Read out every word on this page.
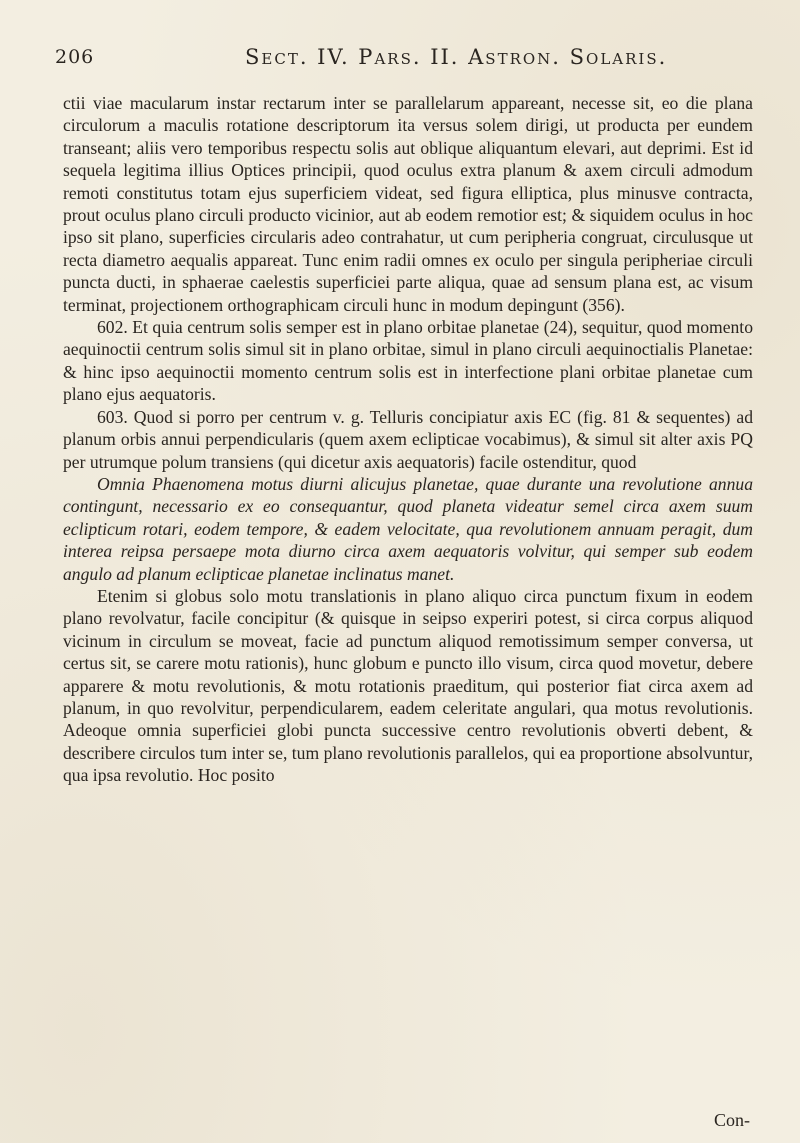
206	Sect. IV. Pars. II. Astron. Solaris.

ctii viae macularum instar rectarum inter se parallelarum appareant, necesse sit, eo die plana circulorum a maculis rotatione descriptorum ita versus solem dirigi, ut producta per eundem transeant; aliis vero temporibus respectu solis aut oblique aliquantum elevari, aut deprimi. Est id sequela legitima illius Optices principii, quod oculus extra planum & axem circuli admodum remoti constitutus totam ejus superficiem videat, sed figura elliptica, plus minusve contracta, prout oculus plano circuli producto vicinior, aut ab eodem remotior est; & siquidem oculus in hoc ipso sit plano, superficies circularis adeo contrahatur, ut cum peripheria congruat, circulusque ut recta diametro aequalis appareat. Tunc enim radii omnes ex oculo per singula peripheriae circuli puncta ducti, in sphaerae caelestis superficiei parte aliqua, quae ad sensum plana est, ac visum terminat, projectionem orthographicam circuli hunc in modum depingunt (356).

602. Et quia centrum solis semper est in plano orbitae planetae (24), sequitur, quod momento aequinoctii centrum solis simul sit in plano orbitae, simul in plano circuli aequinoctialis Planetae: & hinc ipso aequinoctii momento centrum solis est in interfectione plani orbitae planetae cum plano ejus aequatoris.

603. Quod si porro per centrum v. g. Telluris concipiatur axis EC (fig. 81 & sequentes) ad planum orbis annui perpendicularis (quem axem eclipticae vocabimus), & simul sit alter axis PQ per utrumque polum transiens (qui dicetur axis aequatoris) facile ostenditur, quod

Omnia Phaenomena motus diurni alicujus planetae, quae durante una revolutione annua contingunt, necessario ex eo consequantur, quod planeta videatur semel circa axem suum eclipticum rotari, eodem tempore, & eadem velocitate, qua revolutionem annuam peragit, dum interea reipsa persaepe mota diurno circa axem aequatoris volvitur, qui semper sub eodem angulo ad planum eclipticae planetae inclinatus manet.

Etenim si globus solo motu translationis in plano aliquo circa punctum fixum in eodem plano revolvatur, facile concipitur (& quisque in seipso experiri potest, si circa corpus aliquod vicinum in circulum se moveat, facie ad punctum aliquod remotissimum semper conversa, ut certus sit, se carere motu rationis), hunc globum e puncto illo visum, circa quod movetur, debere apparere & motu revolutionis, & motu rotationis praeditum, qui posterior fiat circa axem ad planum, in quo revolvitur, perpendicularem, eadem celeritate angulari, qua motus revolutionis. Adeoque omnia superficiei globi puncta successive centro revolutionis obverti debent, & describere circulos tum inter se, tum plano revolutionis parallelos, qui ea proportione absolvuntur, qua ipsa revolutio. Hoc posito

Con-
